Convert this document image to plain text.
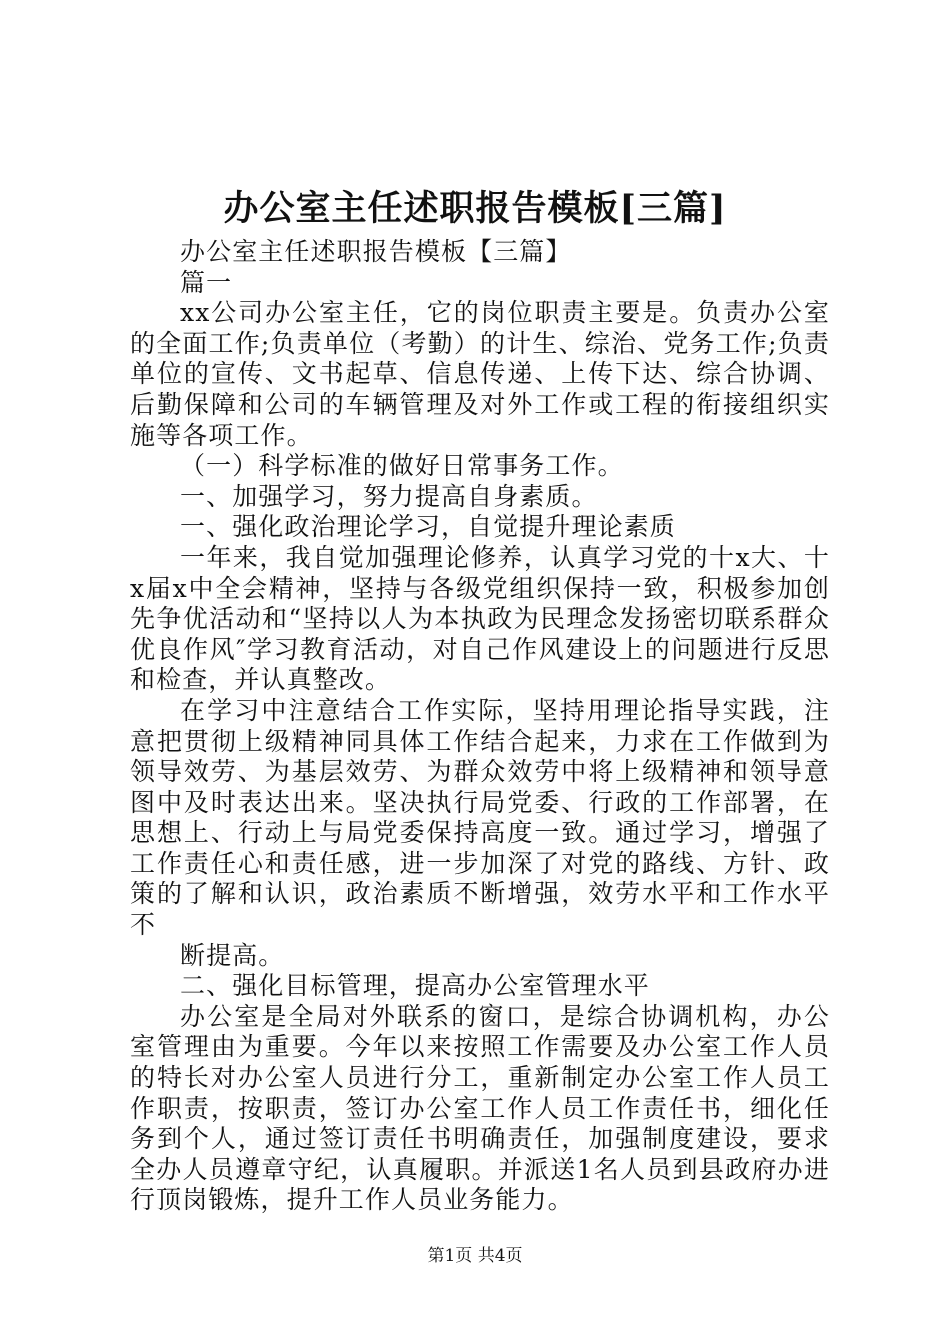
办公室主任述职报告模板[三篇]

办公室主任述职报告模板【三篇】

篇一

xx公司办公室主任，它的岗位职责主要是。负责办公室的全面工作;负责单位（考勤）的计生、综治、党务工作;负责单位的宣传、文书起草、信息传递、上传下达、综合协调、后勤保障和公司的车辆管理及对外工作或工程的衔接组织实施等各项工作。

（一）科学标准的做好日常事务工作。

一、加强学习，努力提高自身素质。

一、强化政治理论学习，自觉提升理论素质

一年来，我自觉加强理论修养，认真学习党的十x大、十x届x中全会精神，坚持与各级党组织保持一致，积极参加创先争优活动和“坚持以人为本执政为民理念发扬密切联系群众优良作风″学习教育活动，对自己作风建设上的问题进行反思和检查，并认真整改。

在学习中注意结合工作实际，坚持用理论指导实践，注意把贯彻上级精神同具体工作结合起来，力求在工作做到为领导效劳、为基层效劳、为群众效劳中将上级精神和领导意图中及时表达出来。坚决执行局党委、行政的工作部署，在思想上、行动上与局党委保持高度一致。通过学习，增强了工作责任心和责任感，进一步加深了对党的路线、方针、政策的了解和认识，政治素质不断增强，效劳水平和工作水平不

断提高。

二、强化目标管理，提高办公室管理水平

办公室是全局对外联系的窗口，是综合协调机构，办公室管理由为重要。今年以来按照工作需要及办公室工作人员的特长对办公室人员进行分工，重新制定办公室工作人员工作职责，按职责，签订办公室工作人员工作责任书，细化任务到个人，通过签订责任书明确责任，加强制度建设，要求全办人员遵章守纪，认真履职。并派送1名人员到县政府办进行顶岗锻炼，提升工作人员业务能力。

第1页 共4页
